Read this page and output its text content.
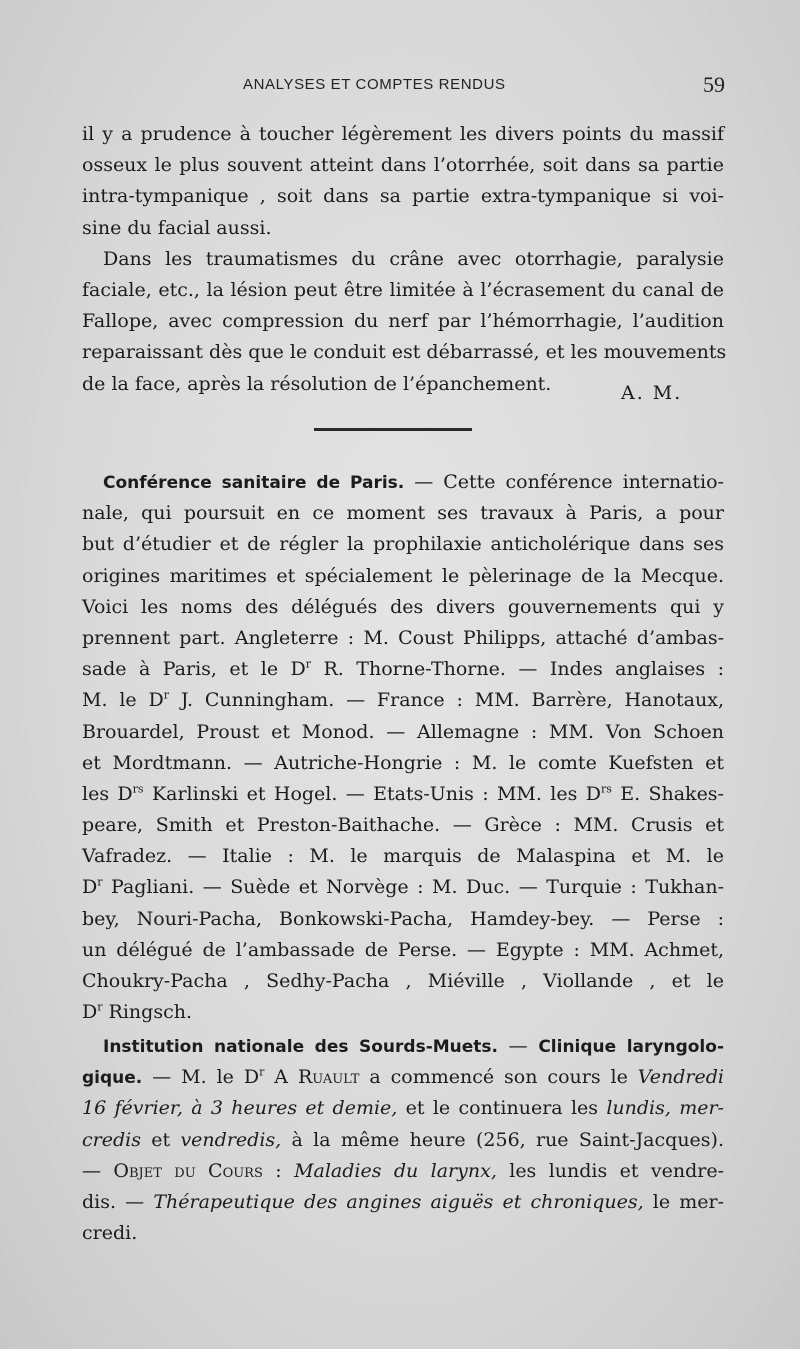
ANALYSES ET COMPTES RENDUS	59
il y a prudence à toucher légèrement les divers points du massif
osseux le plus souvent atteint dans l’otorrhée, soit dans sa partie
intra-tympanique , soit dans sa partie extra-tympanique si voi-
sine du facial aussi.
Dans les traumatismes du crâne avec otorrhagie, paralysie
faciale, etc., la lésion peut être limitée à l’écrasement du canal de
Fallope, avec compression du nerf par l’hémorrhagie, l’audition
reparaissant dès que le conduit est débarrassé, et les mouvements
de la face, après la résolution de l’épanchement.	A. M.
Conférence sanitaire de Paris. — Cette conférence internatio-
nale, qui poursuit en ce moment ses travaux à Paris, a pour
but d’étudier et de régler la prophilaxie anticholérique dans ses
origines maritimes et spécialement le pèlerinage de la Mecque.
Voici les noms des délégués des divers gouvernements qui y
prennent part. Angleterre : M. Coust Philipps, attaché d’ambas-
sade à Paris, et le $D^r$ R. Thorne-Thorne. — Indes anglaises :
M. le $D^r$ J. Cunningham. — France : MM. Barrère, Hanotaux,
Brouardel, Proust et Monod. — Allemagne : MM. Von Schoen
et Mordtmann. — Autriche-Hongrie : M. le comte Kuefsten et
les $D^{rs}$ Karlinski et Hogel. — Etats-Unis : MM. les $D^{rs}$ E. Shakes-
peare, Smith et Preston-Baithache. — Grèce : MM. Crusis et
Vafradez. — Italie : M. le marquis de Malaspina et M. le
$D^r$ Pagliani. — Suède et Norvège : M. Duc. — Turquie : Tukhan-
bey, Nouri-Pacha, Bonkowski-Pacha, Hamdey-bey. — Perse :
un délégué de l’ambassade de Perse. — Egypte : MM. Achmet,
Choukry-Pacha , Sedhy-Pacha , Miéville , Viollande , et le
$D^r$ Ringsch.
Institution nationale des Sourds-Muets. — Clinique laryngolo-
gique. — M. le $D^r$ A Ruault a commencé son cours le Vendredi
16 février, à 3 heures et demie, et le continuera les lundis, mer-
credis et vendredis, à la même heure (256, rue Saint-Jacques).
— Objet du Cours : Maladies du larynx, les lundis et vendre-
dis. — Thérapeutique des angines aiguës et chroniques, le mer-
credi.
